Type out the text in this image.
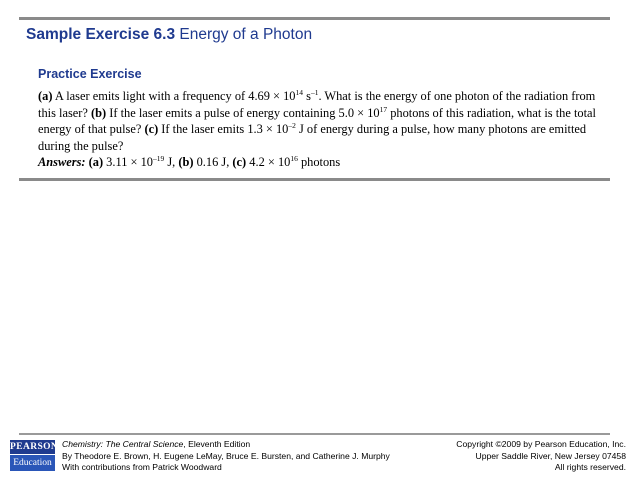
Sample Exercise 6.3 Energy of a Photon
Practice Exercise

(a) A laser emits light with a frequency of $4.69 \times 10^{14}$ $s^{-1}$. What is the energy of one photon of the radiation from this laser? (b) If the laser emits a pulse of energy containing $5.0 \times 10^{17}$ photons of this radiation, what is the total energy of that pulse? (c) If the laser emits $1.3 \times 10^{-2}$ J of energy during a pulse, how many photons are emitted during the pulse?

Answers: (a) $3.11 \times 10^{-19}$ J, (b) 0.16 J, (c) $4.2 \times 10^{16}$ photons

PEARSON
Education
Chemistry: The Central Science, Eleventh Edition
By Theodore E. Brown, H. Eugene LeMay, Bruce E. Bursten, and Catherine J. Murphy
With contributions from Patrick Woodward
Copyright ©2009 by Pearson Education, Inc.
Upper Saddle River, New Jersey 07458
All rights reserved.
